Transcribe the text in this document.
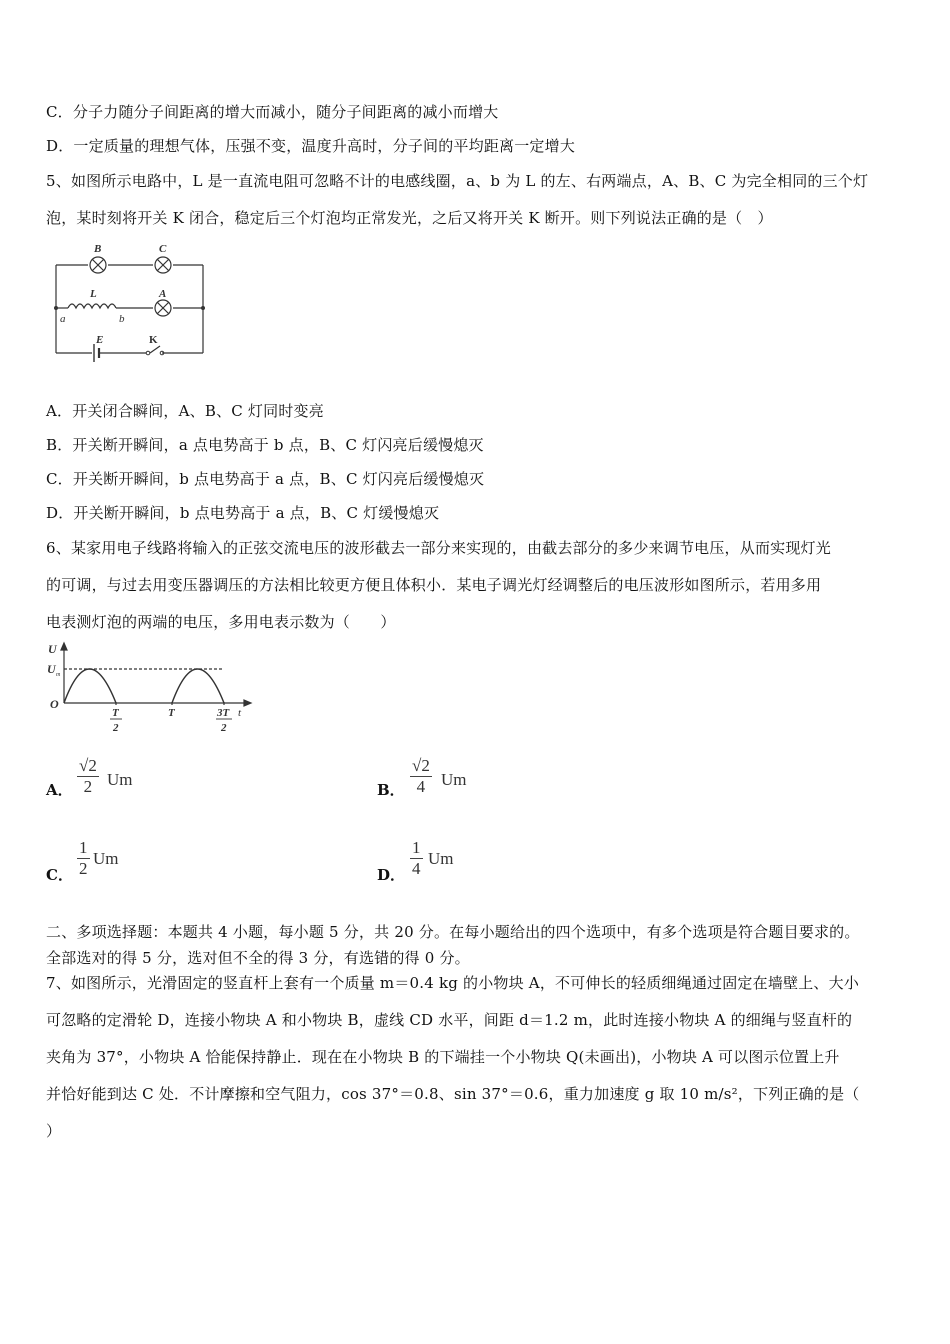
C．分子力随分子间距离的增大而减小，随分子间距离的减小而增大
D．一定质量的理想气体，压强不变，温度升高时，分子间的平均距离一定增大
5、如图所示电路中，L 是一直流电阻可忽略不计的电感线圈，a、b 为 L 的左、右两端点，A、B、C 为完全相同的三个灯
泡，某时刻将开关 K 闭合，稳定后三个灯泡均正常发光，之后又将开关 K 断开。则下列说法正确的是（　）
B	C
L	A
a	b
E	K
A．开关闭合瞬间，A、B、C 灯同时变亮
B．开关断开瞬间，a 点电势高于 b 点，B、C 灯闪亮后缓慢熄灭
C．开关断开瞬间，b 点电势高于 a 点，B、C 灯闪亮后缓慢熄灭
D．开关断开瞬间，b 点电势高于 a 点，B、C 灯缓慢熄灭
6、某家用电子线路将输入的正弦交流电压的波形截去一部分来实现的，由截去部分的多少来调节电压，从而实现灯光
的可调，与过去用变压器调压的方法相比较更方便且体积小．某电子调光灯经调整后的电压波形如图所示，若用多用
电表测灯泡的两端的电压，多用电表示数为（　　）
U
U m
O
t
T
2
T	3T
2
A．
√2
2 Um
B．
√2
4 Um
C．
1
2
Um
D．
1
4
Um
二、多项选择题：本题共 4 小题，每小题 5 分，共 20 分。在每小题给出的四个选项中，有多个选项是符合题目要求的。
全部选对的得 5 分，选对但不全的得 3 分，有选错的得 0 分。
7、如图所示，光滑固定的竖直杆上套有一个质量 m＝0.4 kg 的小物块 A，不可伸长的轻质细绳通过固定在墙壁上、大小
可忽略的定滑轮 D，连接小物块 A 和小物块 B，虚线 CD 水平，间距 d＝1.2 m，此时连接小物块 A 的细绳与竖直杆的
夹角为 37°，小物块 A 恰能保持静止．现在在小物块 B 的下端挂一个小物块 Q(未画出)，小物块 A 可以图示位置上升
并恰好能到达 C 处．不计摩擦和空气阻力，cos 37°＝0.8、sin 37°＝0.6，重力加速度 g 取 10 m/s²，下列正确的是（
）
